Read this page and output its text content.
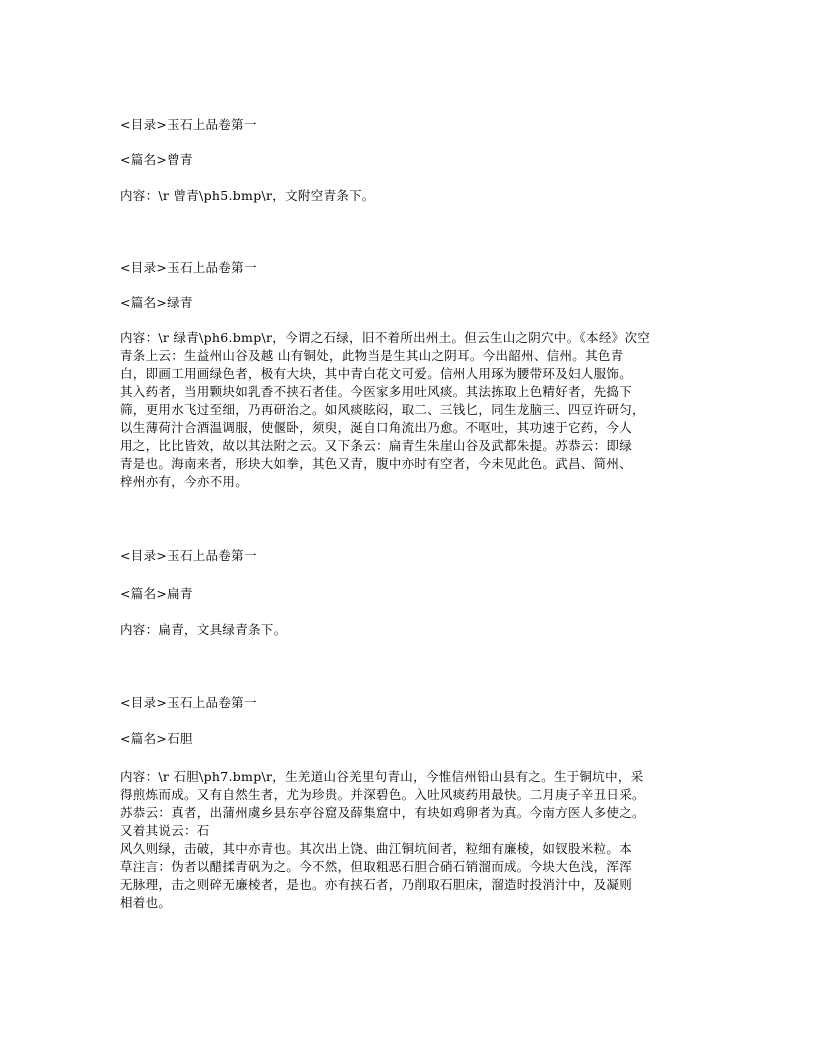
<目录>玉石上品卷第一

<篇名>曾青

内容：\r 曾青\ph5.bmp\r，文附空青条下。

<目录>玉石上品卷第一

<篇名>绿青

内容：\r 绿青\ph6.bmp\r，今谓之石绿，旧不着所出州土。但云生山之阴穴中。《本经》次空
青条上云：生益州山谷及越 山有铜处，此物当是生其山之阴耳。今出韶州、信州。其色青
白，即画工用画绿色者，极有大块，其中青白花文可爱。信州人用琢为腰带环及妇人服饰。
其入药者，当用颗块如乳香不挟石者佳。今医家多用吐风痰。其法拣取上色精好者，先捣下
筛，更用水飞过至细，乃再研治之。如风痰眩闷，取二、三钱匕，同生龙脑三、四豆许研匀，
以生薄荷汁合酒温调服，使偃卧，须臾，涎自口角流出乃愈。不呕吐，其功速于它药，今人
用之，比比皆效，故以其法附之云。又下条云：扁青生朱崖山谷及武都朱提。苏恭云：即绿
青是也。海南来者，形块大如拳，其色又青，腹中亦时有空者，今未见此色。武昌、简州、
梓州亦有，今亦不用。

<目录>玉石上品卷第一

<篇名>扁青

内容：扁青，文具绿青条下。

<目录>玉石上品卷第一

<篇名>石胆

内容：\r 石胆\ph7.bmp\r，生羌道山谷羌里句青山，今惟信州铅山县有之。生于铜坑中，采
得煎炼而成。又有自然生者，尤为珍贵。并深碧色。入吐风痰药用最快。二月庚子辛丑日采。
苏恭云：真者，出蒲州虞乡县东亭谷窟及薛集窟中，有块如鸡卵者为真。今南方医人多使之。
又着其说云：石
风久则绿，击破，其中亦青也。其次出上饶、曲江铜坑间者，粒细有廉棱，如钗股米粒。本
草注言：伪者以醋揉青矾为之。今不然，但取粗恶石胆合硝石销溜而成。今块大色浅，浑浑
无脉理，击之则碎无廉棱者，是也。亦有挟石者，乃削取石胆床，溜造时投消汁中，及凝则
相着也。
